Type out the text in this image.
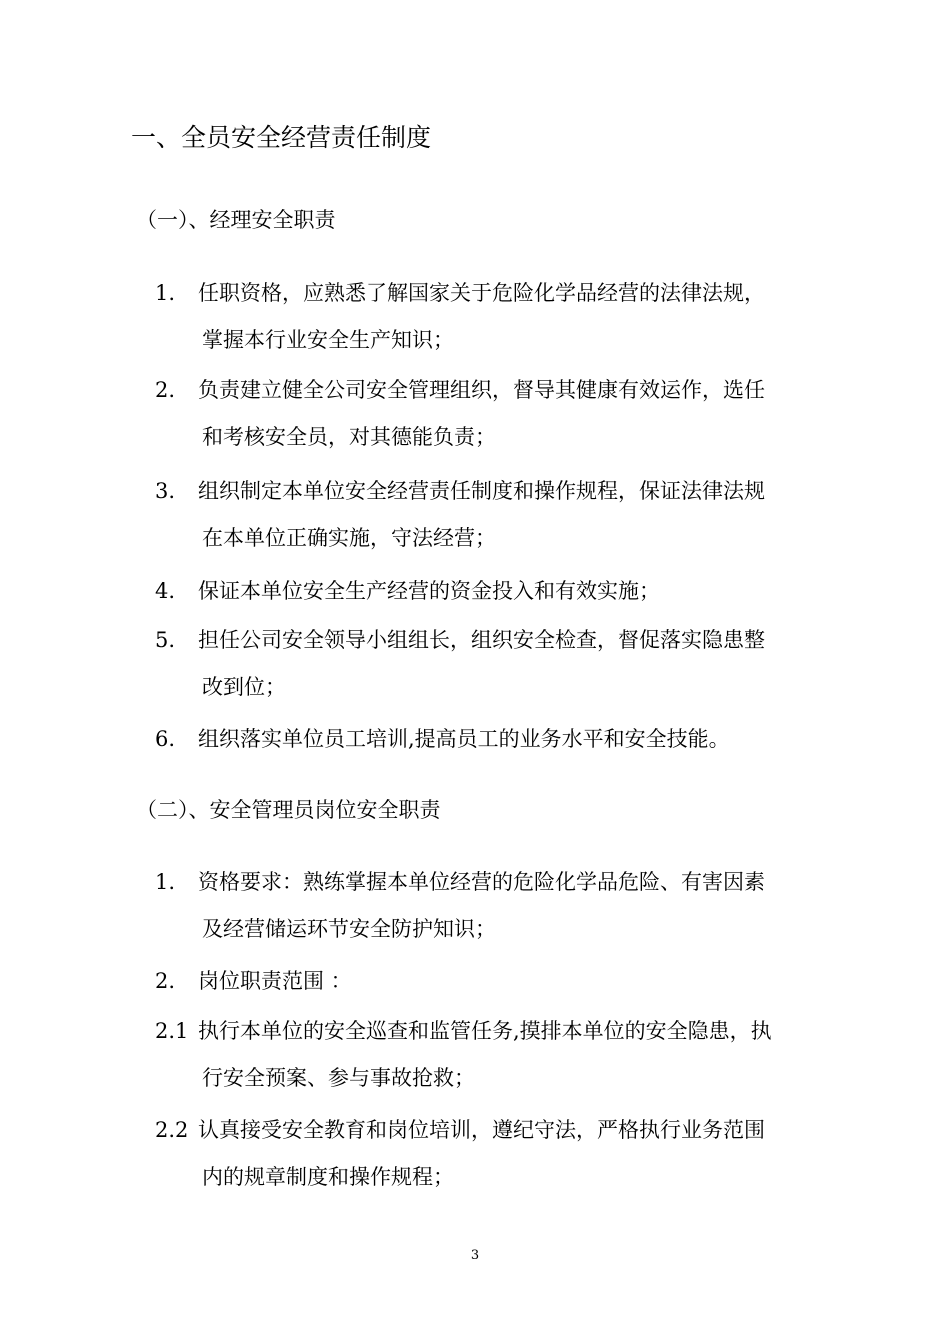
一、全员安全经营责任制度
（一）、经理安全职责
1. 任职资格，应熟悉了解国家关于危险化学品经营的法律法规，
掌握本行业安全生产知识；
2. 负责建立健全公司安全管理组织，督导其健康有效运作，选任
和考核安全员，对其德能负责；
3. 组织制定本单位安全经营责任制度和操作规程，保证法律法规
在本单位正确实施，守法经营；
4. 保证本单位安全生产经营的资金投入和有效实施；
5. 担任公司安全领导小组组长，组织安全检查，督促落实隐患整
改到位；
6. 组织落实单位员工培训,提高员工的业务水平和安全技能。
（二）、安全管理员岗位安全职责
1. 资格要求：熟练掌握本单位经营的危险化学品危险、有害因素
及经营储运环节安全防护知识；
2. 岗位职责范围 ：
2.1 执行本单位的安全巡查和监管任务,摸排本单位的安全隐患，执
行安全预案、参与事故抢救；
2.2 认真接受安全教育和岗位培训，遵纪守法，严格执行业务范围
内的规章制度和操作规程；
3
